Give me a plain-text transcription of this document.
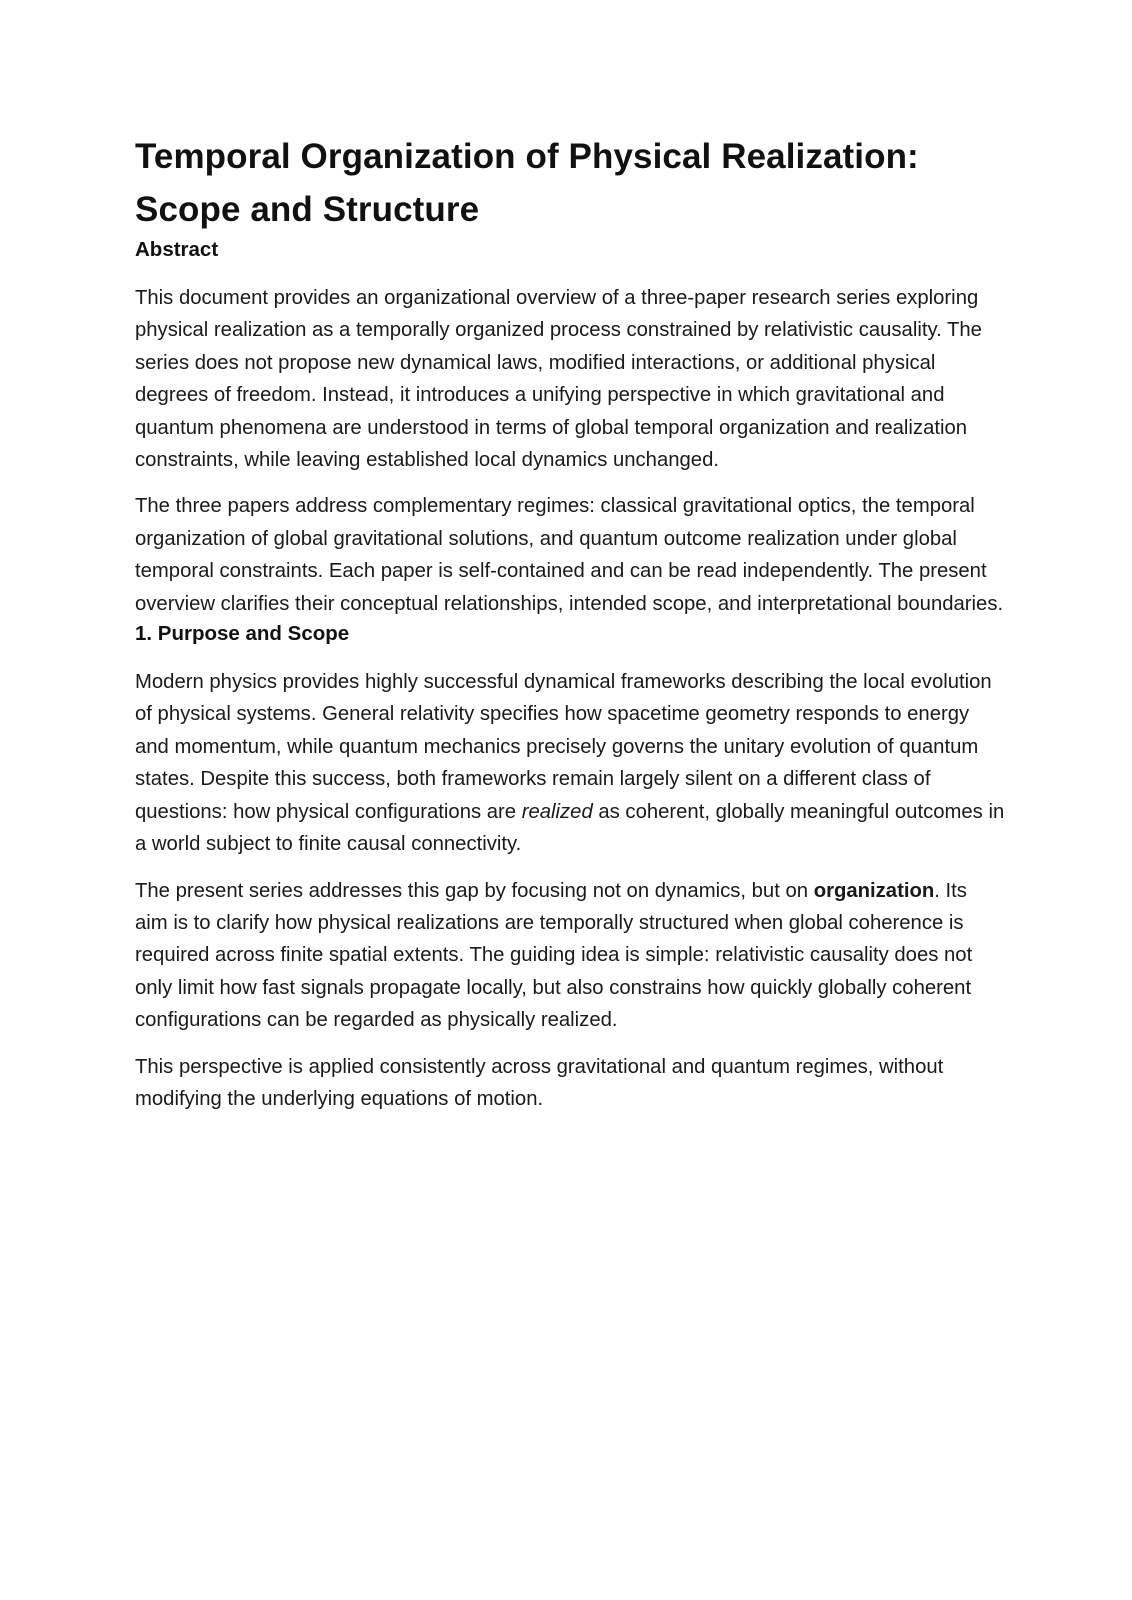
Temporal Organization of Physical Realization: Scope and Structure
Abstract

This document provides an organizational overview of a three-paper research series exploring physical realization as a temporally organized process constrained by relativistic causality. The series does not propose new dynamical laws, modified interactions, or additional physical degrees of freedom. Instead, it introduces a unifying perspective in which gravitational and quantum phenomena are understood in terms of global temporal organization and realization constraints, while leaving established local dynamics unchanged.

The three papers address complementary regimes: classical gravitational optics, the temporal organization of global gravitational solutions, and quantum outcome realization under global temporal constraints. Each paper is self-contained and can be read independently. The present overview clarifies their conceptual relationships, intended scope, and interpretational boundaries.

1. Purpose and Scope

Modern physics provides highly successful dynamical frameworks describing the local evolution of physical systems. General relativity specifies how spacetime geometry responds to energy and momentum, while quantum mechanics precisely governs the unitary evolution of quantum states. Despite this success, both frameworks remain largely silent on a different class of questions: how physical configurations are realized as coherent, globally meaningful outcomes in a world subject to finite causal connectivity.

The present series addresses this gap by focusing not on dynamics, but on organization. Its aim is to clarify how physical realizations are temporally structured when global coherence is required across finite spatial extents. The guiding idea is simple: relativistic causality does not only limit how fast signals propagate locally, but also constrains how quickly globally coherent configurations can be regarded as physically realized.

This perspective is applied consistently across gravitational and quantum regimes, without modifying the underlying equations of motion.
